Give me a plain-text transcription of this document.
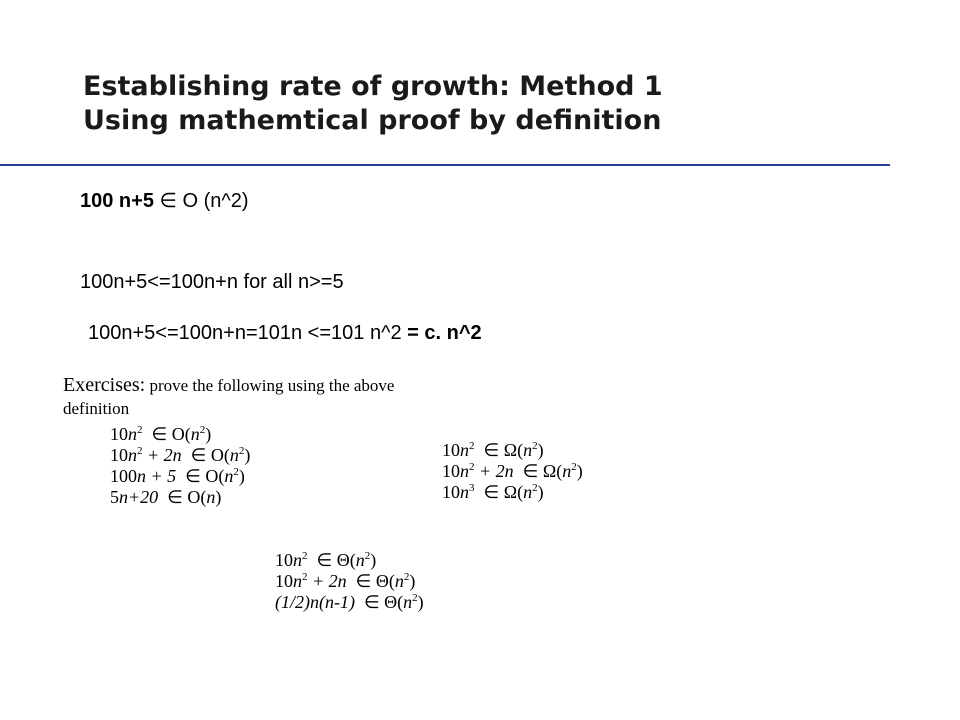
Establishing rate of growth: Method 1
Using mathemtical proof by definition
100 n+5 ∈ O (n^2)
100n+5<=100n+n for all n>=5
100n+5<=100n+n=101n <=101 n^2 = c. n^2
Exercises: prove the following using the above
definition
$10n^2$ ∈ $O(n^2)$
$10n^2 + 2n$ ∈ $O(n^2)$
100n + 5 ∈ $O(n^2)$
5n+20 ∈ O(n)
$10n^2$ ∈ $\Omega(n^2)$
$10n^2 + 2n$ ∈ $\Omega(n^2)$
$10n^3$ ∈ $\Omega(n^2)$
$10n^2$ ∈ $\Theta(n^2)$
$10n^2 + 2n$ ∈ $\Theta(n^2)$
(1/2)n(n-1) ∈ $\Theta(n^2)$
